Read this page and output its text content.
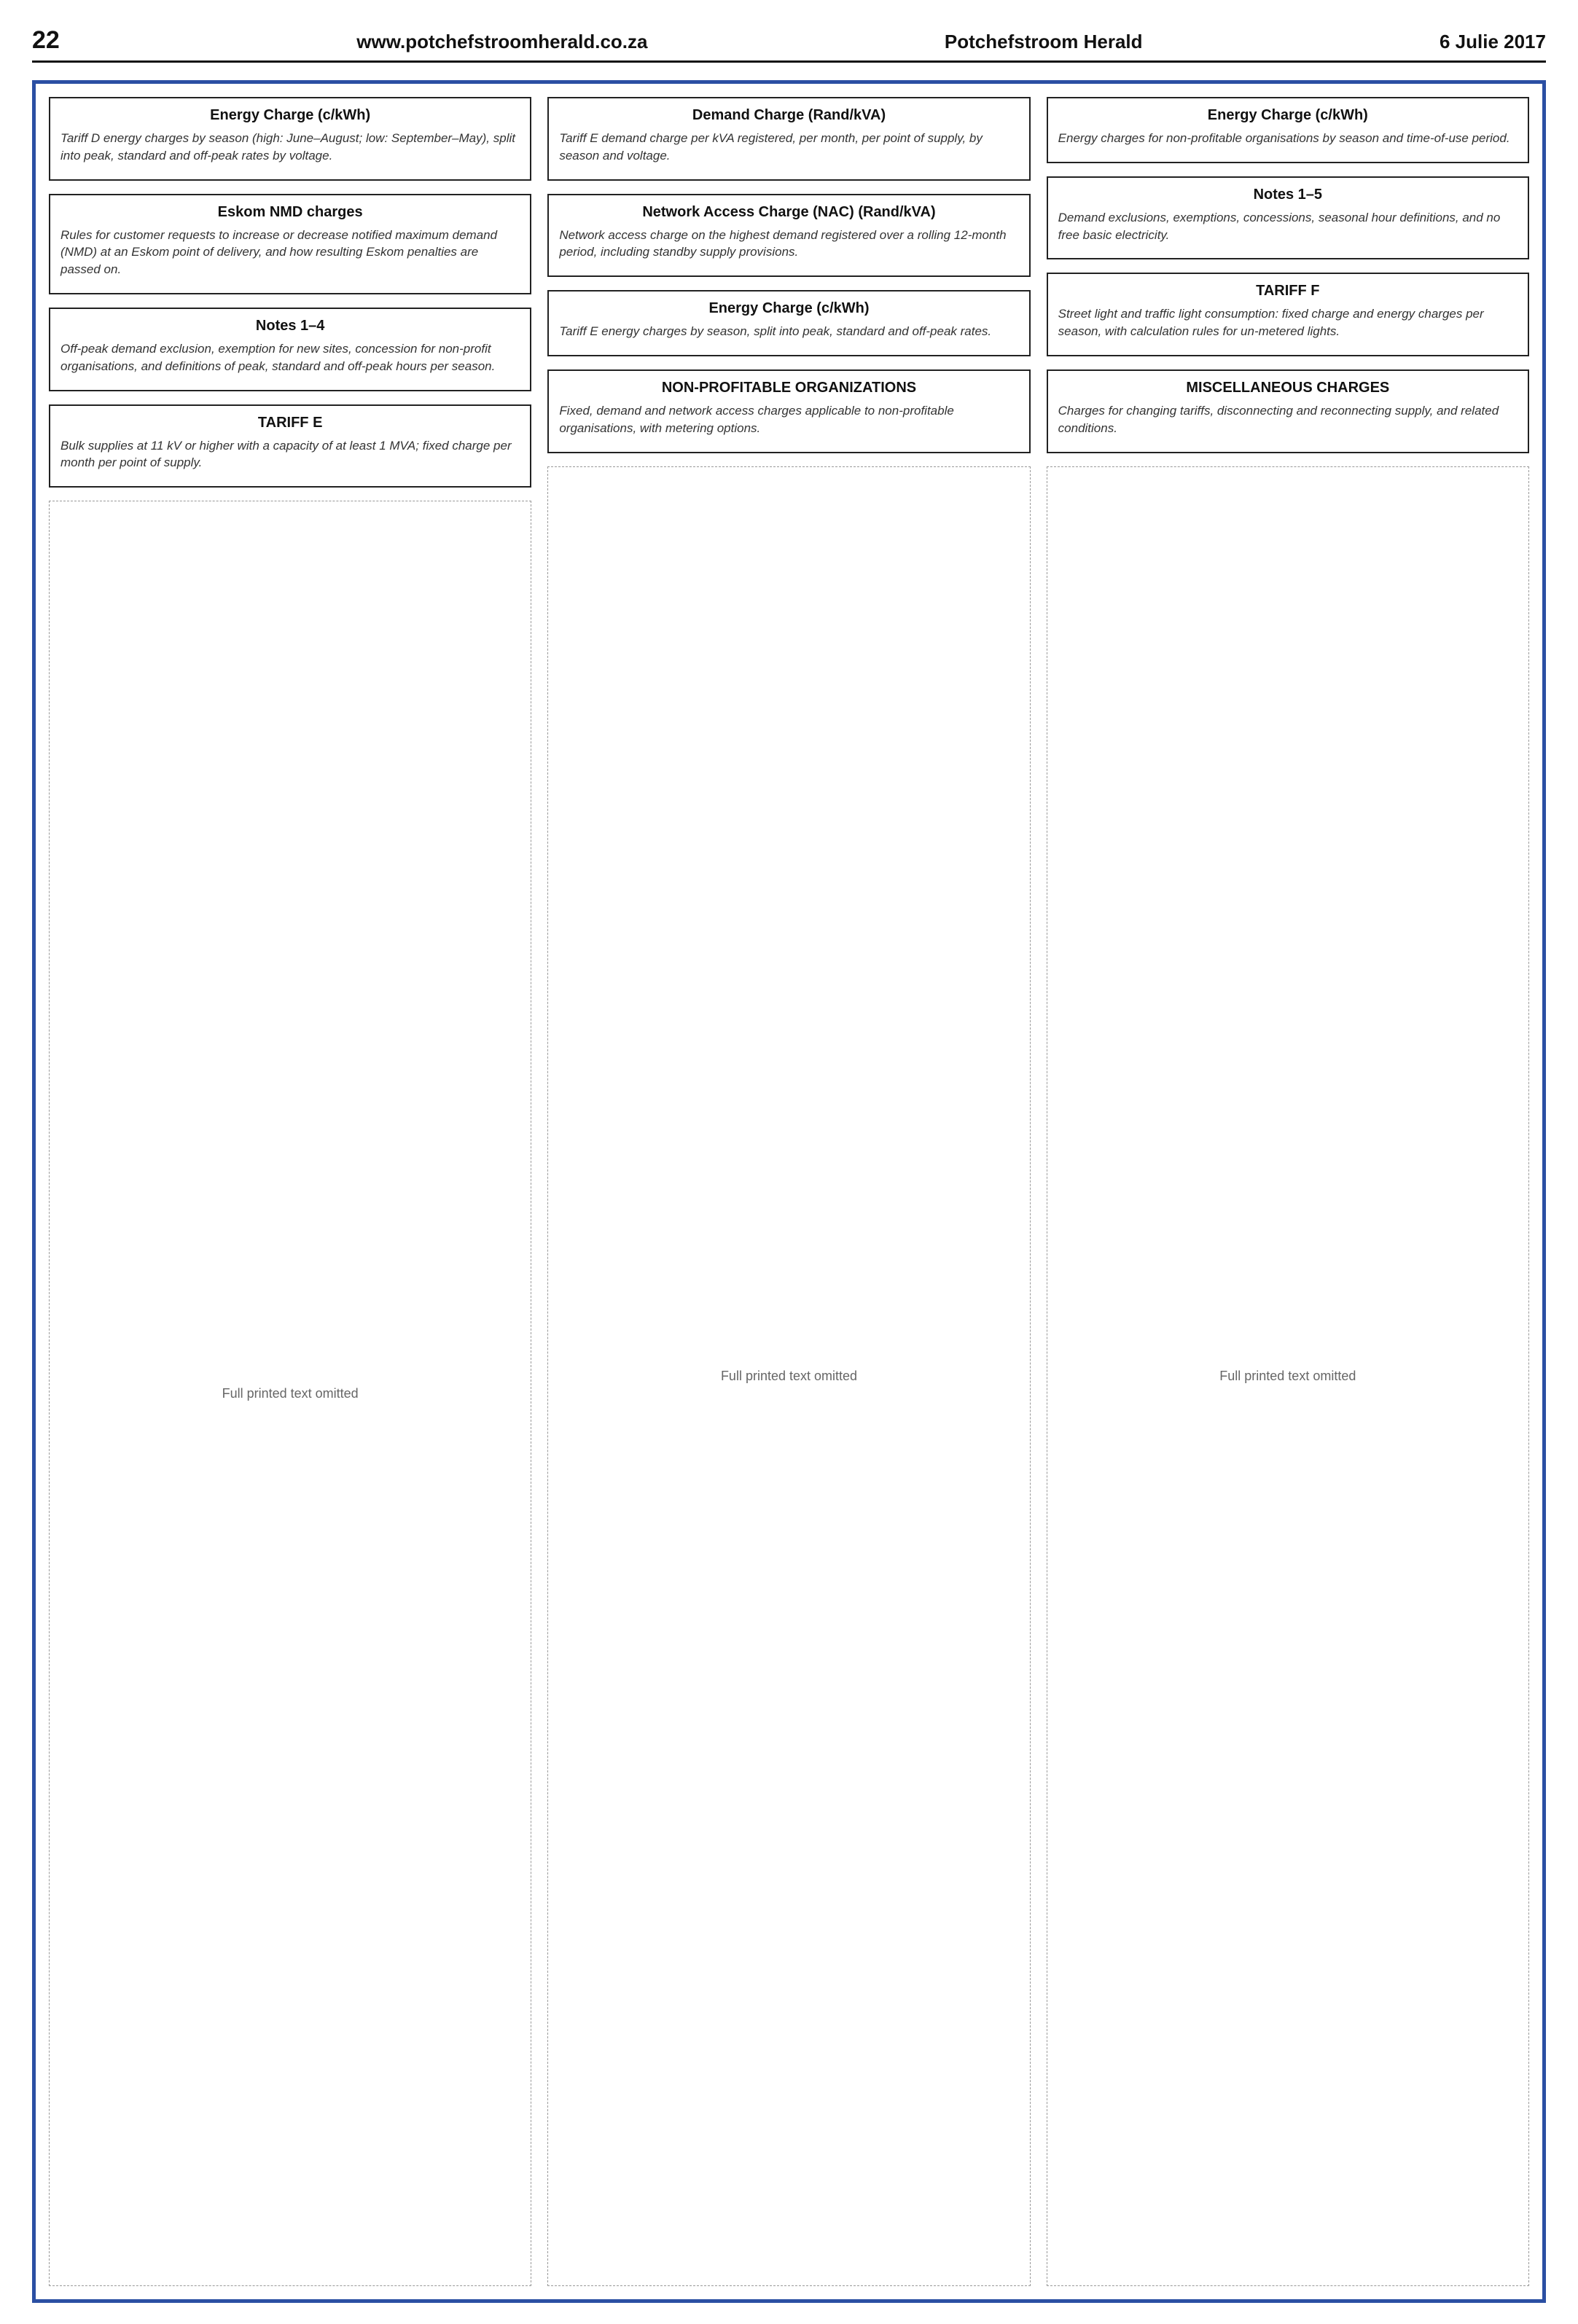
22	www.potchefstroomherald.co.za	Potchefstroom Herald	6 Julie 2017
Energy Charge (c/kWh)

Tariff D energy charges by season (high: June–August; low: September–May), split into peak, standard and off-peak rates by voltage.

Eskom NMD charges

Rules for customer requests to increase or decrease notified maximum demand (NMD) at an Eskom point of delivery, and how resulting Eskom penalties are passed on.

Notes 1–4

Off-peak demand exclusion, exemption for new sites, concession for non-profit organisations, and definitions of peak, standard and off-peak hours per season.

TARIFF E

Bulk supplies at 11 kV or higher with a capacity of at least 1 MVA; fixed charge per month per point of supply.

Full printed text omitted
Demand Charge (Rand/kVA)

Tariff E demand charge per kVA registered, per month, per point of supply, by season and voltage.

Network Access Charge (NAC) (Rand/kVA)

Network access charge on the highest demand registered over a rolling 12-month period, including standby supply provisions.

Energy Charge (c/kWh)

Tariff E energy charges by season, split into peak, standard and off-peak rates.

NON-PROFITABLE ORGANIZATIONS

Fixed, demand and network access charges applicable to non-profitable organisations, with metering options.

Full printed text omitted
Energy Charge (c/kWh)

Energy charges for non-profitable organisations by season and time-of-use period.

Notes 1–5

Demand exclusions, exemptions, concessions, seasonal hour definitions, and no free basic electricity.

TARIFF F

Street light and traffic light consumption: fixed charge and energy charges per season, with calculation rules for un-metered lights.

MISCELLANEOUS CHARGES

Charges for changing tariffs, disconnecting and reconnecting supply, and related conditions.

Full printed text omitted
